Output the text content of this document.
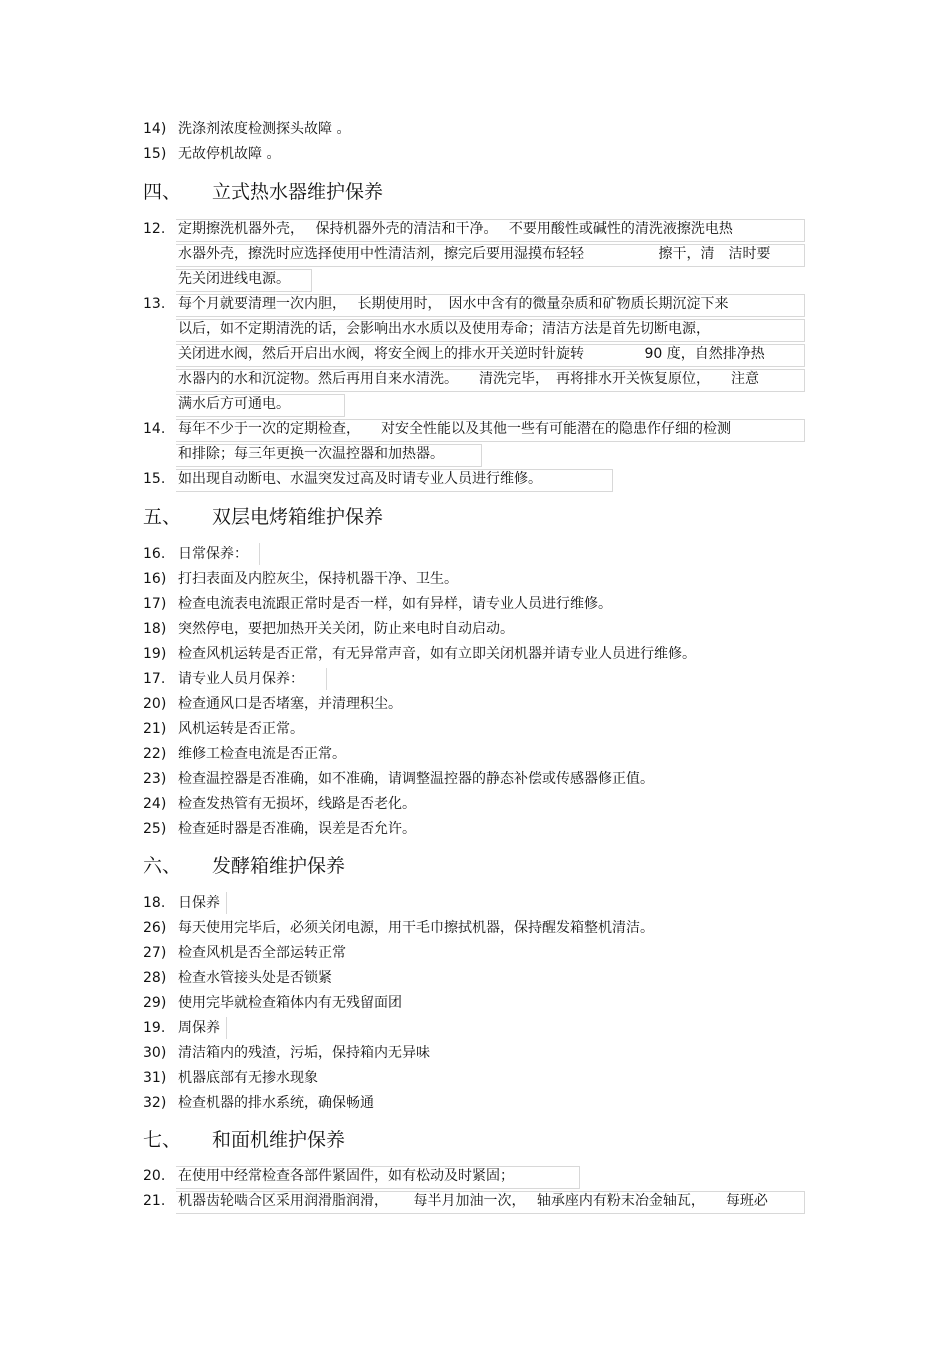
14) 洗涤剂浓度检测探头故障 。
15) 无故停机故障 。
四、 立式热水器维护保养
12. 定期擦洗机器外壳，　 保持机器外壳的清洁和干净。　 不要用酸性或碱性的清洗液擦洗电热
水器外壳，擦洗时应选择使用中性清洁剂，擦完后要用湿摸布轻轻　　　　　 擦干，清　洁时要
先关闭进线电源。
13. 每个月就要清理一次内胆，　 长期使用时，　因水中含有的微量杂质和矿物质长期沉淀下来
以后，如不定期清洗的话，会影响出水水质以及使用寿命；清洁方法是首先切断电源，
关闭进水阀，然后开启出水阀，将安全阀上的排水开关逆时针旋转　　　　 90 度，自然排净热
水器内的水和沉淀物。然后再用自来水清洗。　　清洗完毕，　再将排水开关恢复原位，　　注意
满水后方可通电。
14. 每年不少于一次的定期检查，　　对安全性能以及其他一些有可能潜在的隐患作仔细的检测
和排除；每三年更换一次温控器和加热器。
15. 如出现自动断电、水温突发过高及时请专业人员进行维修。
五、 双层电烤箱维护保养
16. 日常保养：
16) 打扫表面及内腔灰尘，保持机器干净、卫生。
17) 检查电流表电流跟正常时是否一样，如有异样，请专业人员进行维修。
18) 突然停电，要把加热开关关闭，防止来电时自动启动。
19) 检查风机运转是否正常，有无异常声音，如有立即关闭机器并请专业人员进行维修。
17. 请专业人员月保养：
20) 检查通风口是否堵塞，并清理积尘。
21) 风机运转是否正常。
22) 维修工检查电流是否正常。
23) 检查温控器是否准确，如不准确，请调整温控器的静态补偿或传感器修正值。
24) 检查发热管有无损坏，线路是否老化。
25) 检查延时器是否准确，误差是否允许。
六、 发酵箱维护保养
18. 日保养
26) 每天使用完毕后，必须关闭电源，用干毛巾擦拭机器，保持醒发箱整机清洁。
27) 检查风机是否全部运转正常
28) 检查水管接头处是否锁紧
29) 使用完毕就检查箱体内有无残留面团
19. 周保养
30) 清洁箱内的残渣，污垢，保持箱内无异味
31) 机器底部有无掺水现象
32) 检查机器的排水系统，确保畅通
七、 和面机维护保养
20. 在使用中经常检查各部件紧固件，如有松动及时紧固；
21. 机器齿轮啮合区采用润滑脂润滑，　　 每半月加油一次，　 轴承座内有粉末冶金轴瓦，　　每班必
